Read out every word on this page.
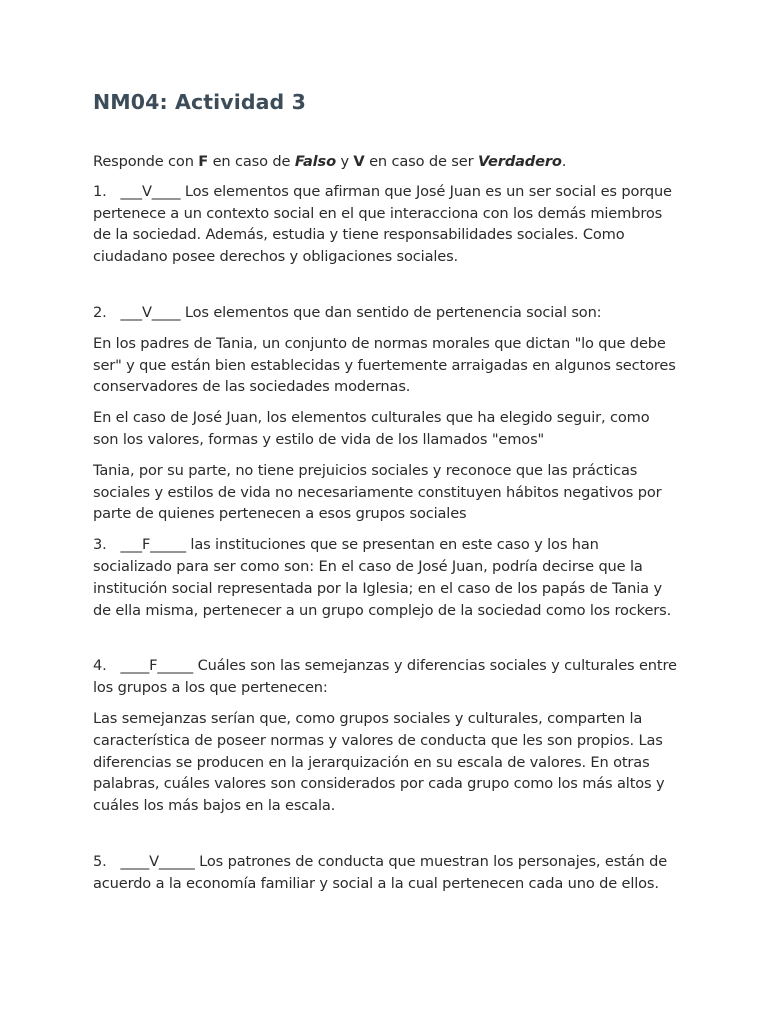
NM04: Actividad 3

Responde con F en caso de Falso y V en caso de ser Verdadero.

1. ___V____ Los elementos que afirman que José Juan es un ser social es porque pertenece a un contexto social en el que interacciona con los demás miembros de la sociedad. Además, estudia y tiene responsabilidades sociales. Como ciudadano posee derechos y obligaciones sociales.

2. ___V____ Los elementos que dan sentido de pertenencia social son:

En los padres de Tania, un conjunto de normas morales que dictan "lo que debe ser" y que están bien establecidas y fuertemente arraigadas en algunos sectores conservadores de las sociedades modernas.

En el caso de José Juan, los elementos culturales que ha elegido seguir, como son los valores, formas y estilo de vida de los llamados "emos"

Tania, por su parte, no tiene prejuicios sociales y reconoce que las prácticas sociales y estilos de vida no necesariamente constituyen hábitos negativos por parte de quienes pertenecen a esos grupos sociales

3. ___F_____ las instituciones que se presentan en este caso y los han socializado para ser como son: En el caso de José Juan, podría decirse que la institución social representada por la Iglesia; en el caso de los papás de Tania y de ella misma, pertenecer a un grupo complejo de la sociedad como los rockers.

4. ____F_____ Cuáles son las semejanzas y diferencias sociales y culturales entre los grupos a los que pertenecen:

Las semejanzas serían que, como grupos sociales y culturales, comparten la característica de poseer normas y valores de conducta que les son propios. Las diferencias se producen en la jerarquización en su escala de valores. En otras palabras, cuáles valores son considerados por cada grupo como los más altos y cuáles los más bajos en la escala.

5. ____V_____ Los patrones de conducta que muestran los personajes, están de acuerdo a la economía familiar y social a la cual pertenecen cada uno de ellos.
